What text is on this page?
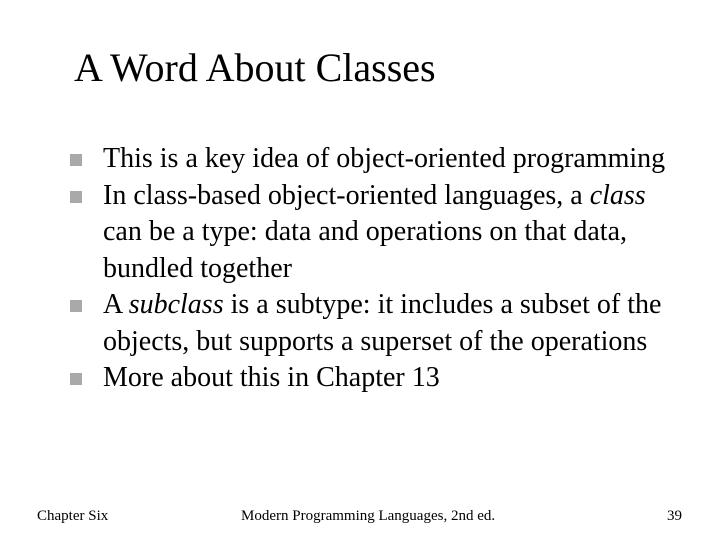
A Word About Classes
This is a key idea of object-oriented programming
In class-based object-oriented languages, a class can be a type: data and operations on that data, bundled together
A subclass is a subtype: it includes a subset of the objects, but supports a superset of the operations
More about this in Chapter 13
Chapter Six	Modern Programming Languages, 2nd ed.	39
